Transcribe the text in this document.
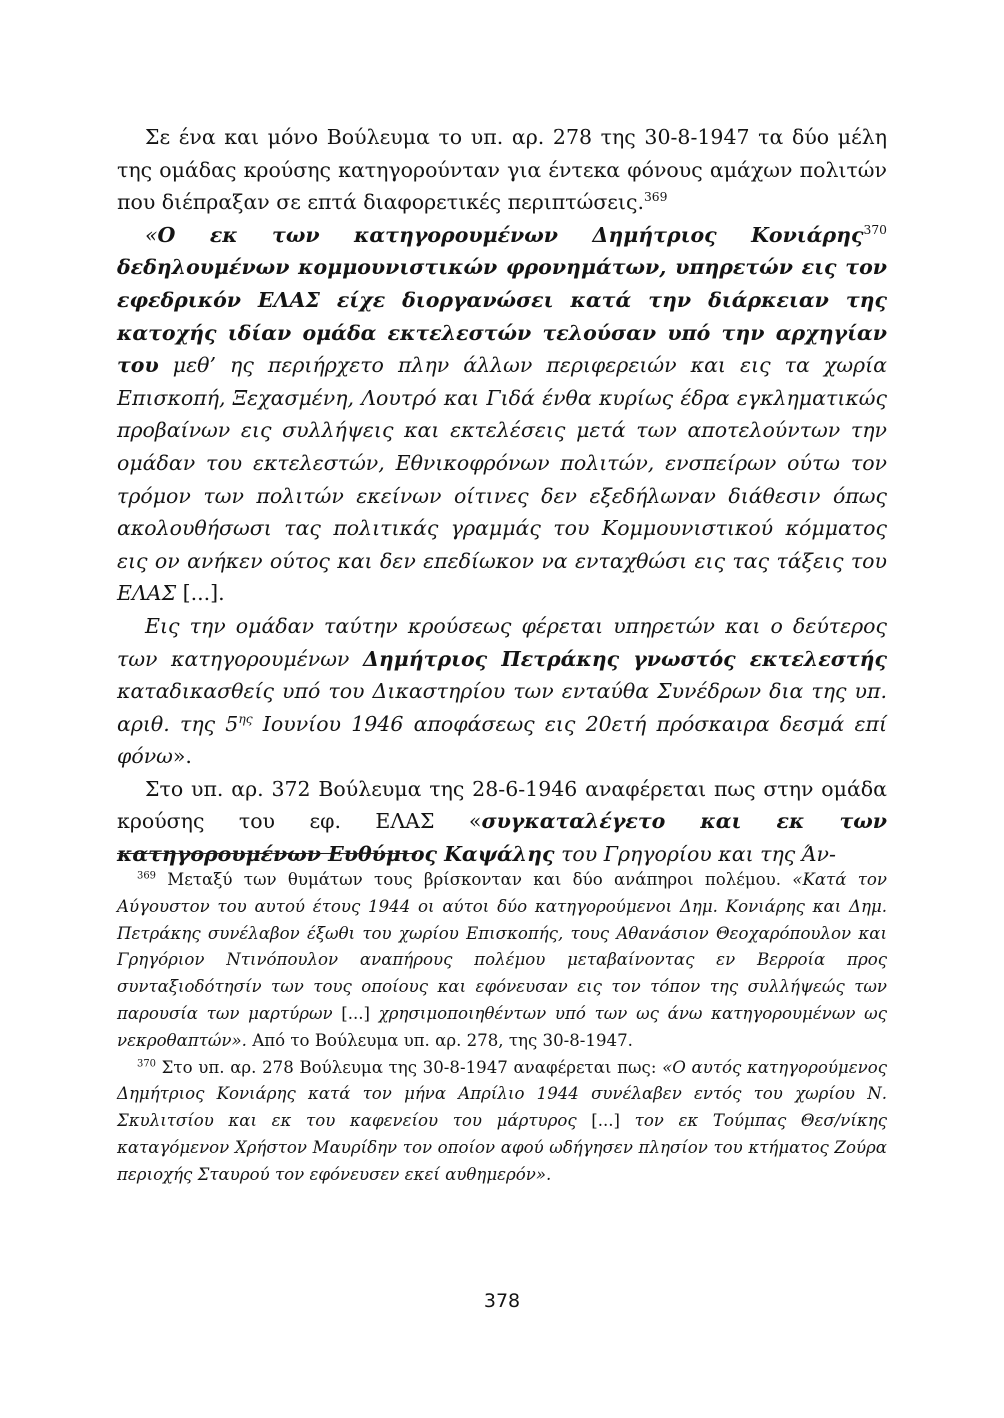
Σε ένα και μόνο Βούλευμα το υπ. αρ. 278 της 30-8-1947 τα δύο μέλη της ομάδας κρούσης κατηγορούνταν για έντεκα φόνους αμάχων πολιτών που διέπραξαν σε επτά διαφορετικές περιπτώσεις.$^{369}$

«Ο εκ των κατηγορουμένων Δημήτριος Κονιάρης$^{370}$ δεδηλουμένων κομμουνιστικών φρονημάτων, υπηρετών εις τον εφεδρικόν ΕΛΑΣ είχε διοργανώσει κατά την διάρκειαν της κατοχής ιδίαν ομάδα εκτελεστών τελούσαν υπό την αρχηγίαν του μεθ’ ης περιήρχετο πλην άλλων περιφερειών και εις τα χωρία Επισκοπή, Ξεχασμένη, Λουτρό και Γιδά ένθα κυρίως έδρα εγκληματικώς προβαίνων εις συλλήψεις και εκτελέσεις μετά των αποτελούντων την ομάδαν του εκτελεστών, Εθνικοφρόνων πολιτών, ενσπείρων ούτω τον τρόμον των πολιτών εκείνων οίτινες δεν εξεδήλωναν διάθεσιν όπως ακολουθήσωσι τας πολιτικάς γραμμάς του Κομμουνιστικού κόμματος εις ον ανήκεν ούτος και δεν επεδίωκον να ενταχθώσι εις τας τάξεις του ΕΛΑΣ [...].

Εις την ομάδαν ταύτην κρούσεως φέρεται υπηρετών και ο δεύτερος των κατηγορουμένων Δημήτριος Πετράκης γνωστός εκτελεστής καταδικασθείς υπό του Δικαστηρίου των ενταύθα Συνέδρων δια της υπ. αριθ. της $5^{\eta\varsigma}$ Ιουνίου 1946 αποφάσεως εις 20ετή πρόσκαιρα δεσμά επί φόνω».

Στο υπ. αρ. 372 Βούλευμα της 28-6-1946 αναφέρεται πως στην ομάδα κρούσης του εφ. ΕΛΑΣ «συγκαταλέγετο και εκ των κατηγορουμένων Ευθύμιος Καψάλης του Γρηγορίου και της Άν-

$^{369}$ Μεταξύ των θυμάτων τους βρίσκονταν και δύο ανάπηροι πολέμου. «Κατά τον Αύγουστον του αυτού έτους 1944 οι αύτοι δύο κατηγορούμενοι Δημ. Κονιάρης και Δημ. Πετράκης συνέλαβον έξωθι του χωρίου Επισκοπής, τους Αθανάσιον Θεοχαρόπουλον και Γρηγόριον Ντινόπουλον αναπήρους πολέμου μεταβαίνοντας εν Βερροία προς συνταξιοδότησίν των τους οποίους και εφόνευσαν εις τον τόπον της συλλήψεώς των παρουσία των μαρτύρων [...] χρησιμοποιηθέντων υπό των ως άνω κατηγορουμένων ως νεκροθαπτών». Από το Βούλευμα υπ. αρ. 278, της 30-8-1947.

$^{370}$ Στο υπ. αρ. 278 Βούλευμα της 30-8-1947 αναφέρεται πως: «Ο αυτός κατηγορούμενος Δημήτριος Κονιάρης κατά τον μήνα Απρίλιο 1944 συνέλαβεν εντός του χωρίου Ν. Σκυλιτσίου και εκ του καφενείου του μάρτυρος [...] τον εκ Τούμπας Θεσ/νίκης καταγόμενον Χρήστον Μαυρίδην τον οποίον αφού ωδήγησεν πλησίον του κτήματος Ζούρα περιοχής Σταυρού τον εφόνευσεν εκεί αυθημερόν».

378
